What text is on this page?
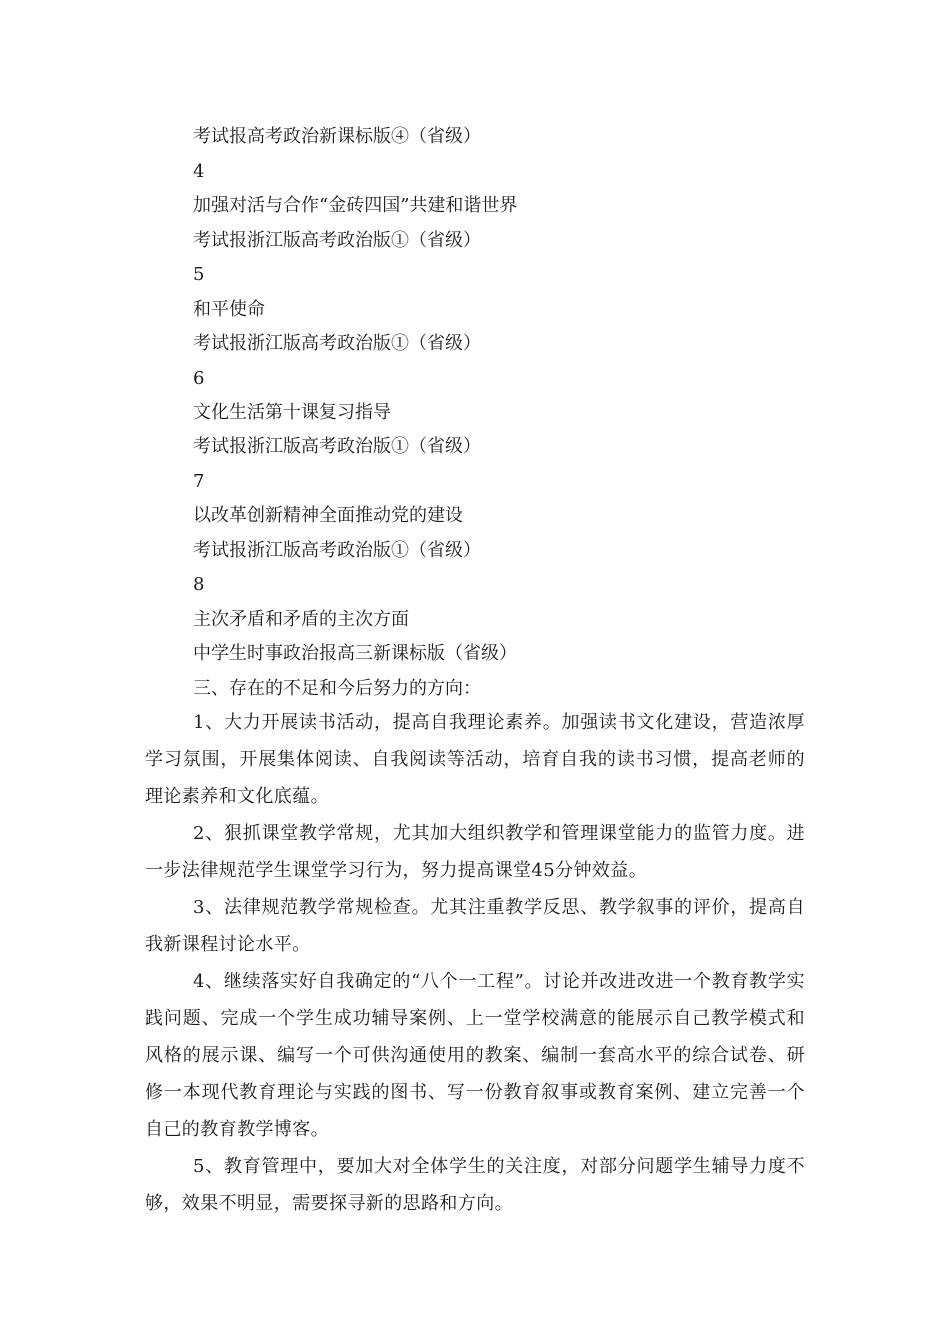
考试报高考政治新课标版④（省级）
4
加强对活与合作“金砖四国”共建和谐世界
考试报浙江版高考政治版①（省级）
5
和平使命
考试报浙江版高考政治版①（省级）
6
文化生活第十课复习指导
考试报浙江版高考政治版①（省级）
7
以改革创新精神全面推动党的建设
考试报浙江版高考政治版①（省级）
8
主次矛盾和矛盾的主次方面
中学生时事政治报高三新课标版（省级）
三、存在的不足和今后努力的方向：
1、大力开展读书活动，提高自我理论素养。加强读书文化建设，营造浓厚学习氛围，开展集体阅读、自我阅读等活动，培育自我的读书习惯，提高老师的理论素养和文化底蕴。
2、狠抓课堂教学常规，尤其加大组织教学和管理课堂能力的监管力度。进一步法律规范学生课堂学习行为，努力提高课堂45分钟效益。
3、法律规范教学常规检查。尤其注重教学反思、教学叙事的评价，提高自我新课程讨论水平。
4、继续落实好自我确定的“八个一工程”。讨论并改进改进一个教育教学实践问题、完成一个学生成功辅导案例、上一堂学校满意的能展示自己教学模式和风格的展示课、编写一个可供沟通使用的教案、编制一套高水平的综合试卷、研修一本现代教育理论与实践的图书、写一份教育叙事或教育案例、建立完善一个自己的教育教学博客。
5、教育管理中，要加大对全体学生的关注度，对部分问题学生辅导力度不够，效果不明显，需要探寻新的思路和方向。
